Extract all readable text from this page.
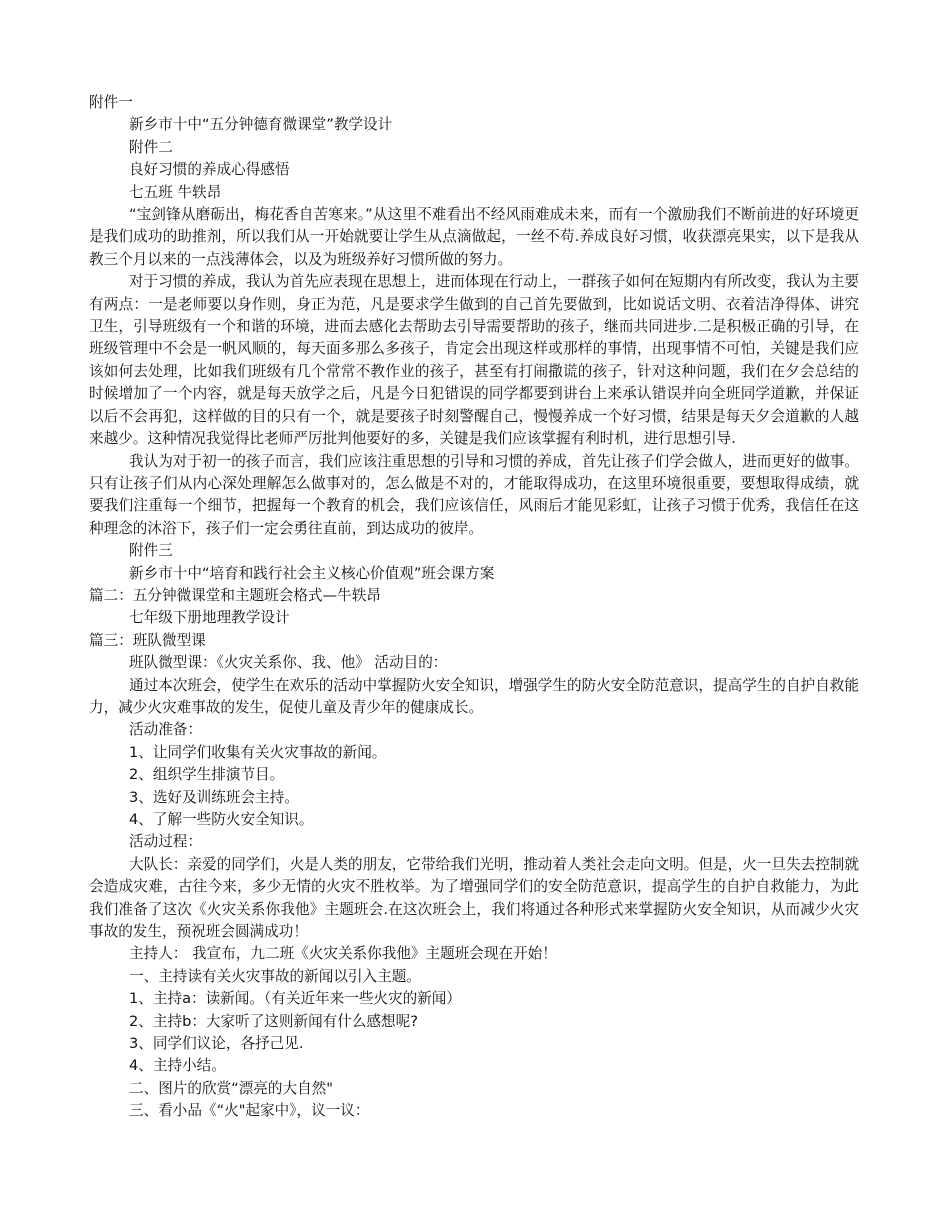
附件一

新乡市十中“五分钟德育微课堂”教学设计

附件二

良好习惯的养成心得感悟

七五班 牛轶昂

“宝剑锋从磨砺出，梅花香自苦寒来。”从这里不难看出不经风雨难成未来，而有一个激励我们不断前进的好环境更是我们成功的助推剂，所以我们从一开始就要让学生从点滴做起，一丝不苟.养成良好习惯，收获漂亮果实，以下是我从教三个月以来的一点浅薄体会，以及为班级养好习惯所做的努力。

对于习惯的养成，我认为首先应表现在思想上，进而体现在行动上，一群孩子如何在短期内有所改变，我认为主要有两点：一是老师要以身作则，身正为范，凡是要求学生做到的自己首先要做到，比如说话文明、衣着洁净得体、讲究卫生，引导班级有一个和谐的环境，进而去感化去帮助去引导需要帮助的孩子，继而共同进步.二是积极正确的引导，在班级管理中不会是一帆风顺的，每天面多那么多孩子，肯定会出现这样或那样的事情，出现事情不可怕，关键是我们应该如何去处理，比如我们班级有几个常常不教作业的孩子，甚至有打闹撒谎的孩子，针对这种问题，我们在夕会总结的时候增加了一个内容，就是每天放学之后，凡是今日犯错误的同学都要到讲台上来承认错误并向全班同学道歉，并保证以后不会再犯，这样做的目的只有一个，就是要孩子时刻警醒自己，慢慢养成一个好习惯，结果是每天夕会道歉的人越来越少。这种情况我觉得比老师严厉批判他要好的多，关键是我们应该掌握有利时机，进行思想引导.

我认为对于初一的孩子而言，我们应该注重思想的引导和习惯的养成，首先让孩子们学会做人，进而更好的做事。只有让孩子们从内心深处理解怎么做事对的，怎么做是不对的，才能取得成功，在这里环境很重要，要想取得成绩，就要我们注重每一个细节，把握每一个教育的机会，我们应该信任，风雨后才能见彩虹，让孩子习惯于优秀，我信任在这种理念的沐浴下，孩子们一定会勇往直前，到达成功的彼岸。

附件三

新乡市十中“培育和践行社会主义核心价值观”班会课方案

篇二：五分钟微课堂和主题班会格式—牛轶昂

七年级下册地理教学设计

篇三：班队微型课

班队微型课：《火灾关系你、我、他》 活动目的：

通过本次班会，使学生在欢乐的活动中掌握防火安全知识，增强学生的防火安全防范意识，提高学生的自护自救能力，减少火灾难事故的发生，促使儿童及青少年的健康成长。

活动准备：

1、让同学们收集有关火灾事故的新闻。

2、组织学生排演节目。

3、选好及训练班会主持。

4、了解一些防火安全知识。

活动过程：

大队长：亲爱的同学们，火是人类的朋友，它带给我们光明，推动着人类社会走向文明。但是，火一旦失去控制就会造成灾难，古往今来，多少无情的火灾不胜枚举。为了增强同学们的安全防范意识，提高学生的自护自救能力，为此我们准备了这次《火灾关系你我他》主题班会.在这次班会上，我们将通过各种形式来掌握防火安全知识，从而减少火灾事故的发生，预祝班会圆满成功！

主持人： 我宣布，九二班《火灾关系你我他》主题班会现在开始！

一、主持读有关火灾事故的新闻以引入主题。

1、主持a：读新闻。（有关近年来一些火灾的新闻）

2、主持b：大家听了这则新闻有什么感想呢?

3、同学们议论，各抒己见.

4、主持小结。

二、图片的欣赏“漂亮的大自然"

三、看小品《“火"起家中》，议一议：
